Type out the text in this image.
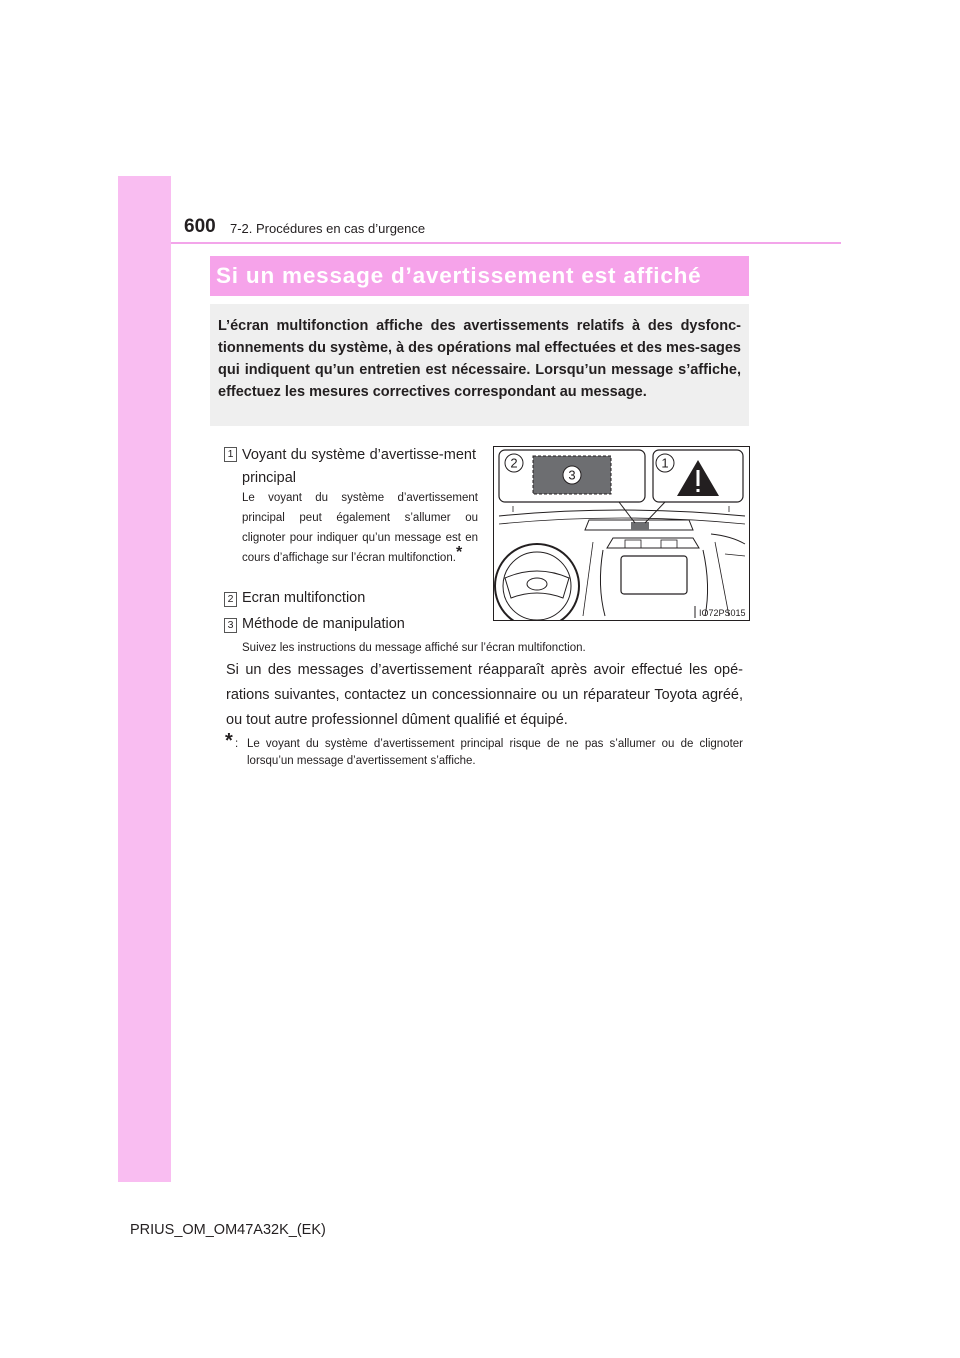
600 7-2. Procédures en cas d’urgence
Si un message d’avertissement est affiché

L’écran multifonction affiche des avertissements relatifs à des dysfonc-tionnements du système, à des opérations mal effectuées et des mes-sages qui indiquent qu’un entretien est nécessaire. Lorsqu’un message s’affiche, effectuez les mesures correctives correspondant au message.

1 Voyant du système d’avertisse-ment principal
Le voyant du système d’avertissement principal peut également s’allumer ou clignoter pour indiquer qu’un message est en cours d’affichage sur l’écran multifonction.*
2 Ecran multifonction
3 Méthode de manipulation
Suivez les instructions du message affiché sur l’écran multifonction.
Si un des messages d’avertissement réapparaît après avoir effectué les opé-rations suivantes, contactez un concessionnaire ou un réparateur Toyota agréé, ou tout autre professionnel dûment qualifié et équipé.
* : Le voyant du système d’avertissement principal risque de ne pas s’allumer ou de clignoter lorsqu’un message d’avertissement s’affiche.
2
3
1
IO72PS015
PRIUS_OM_OM47A32K_(EK)
